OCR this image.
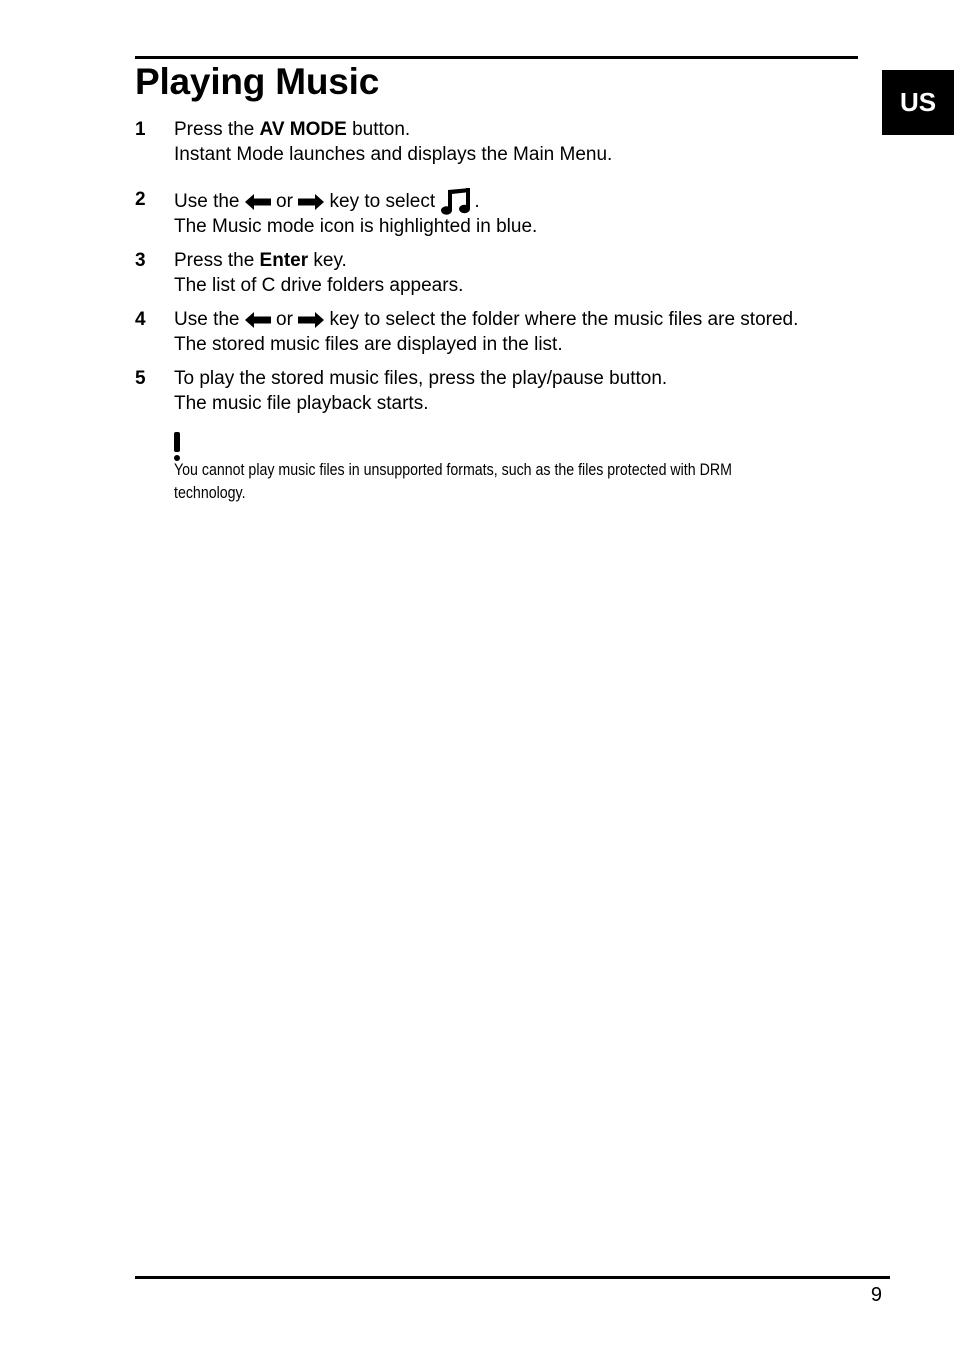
Playing Music	US
1 Press the AV MODE button.
Instant Mode launches and displays the Main Menu.
2 Use the  or  key to select .
The Music mode icon is highlighted in blue.
3 Press the Enter key.
The list of C drive folders appears.
4 Use the  or  key to select the folder where the music files are stored.
The stored music files are displayed in the list.
5 To play the stored music files, press the play/pause button.
The music file playback starts.
You cannot play music files in unsupported formats, such as the files protected with DRM
technology.
9
